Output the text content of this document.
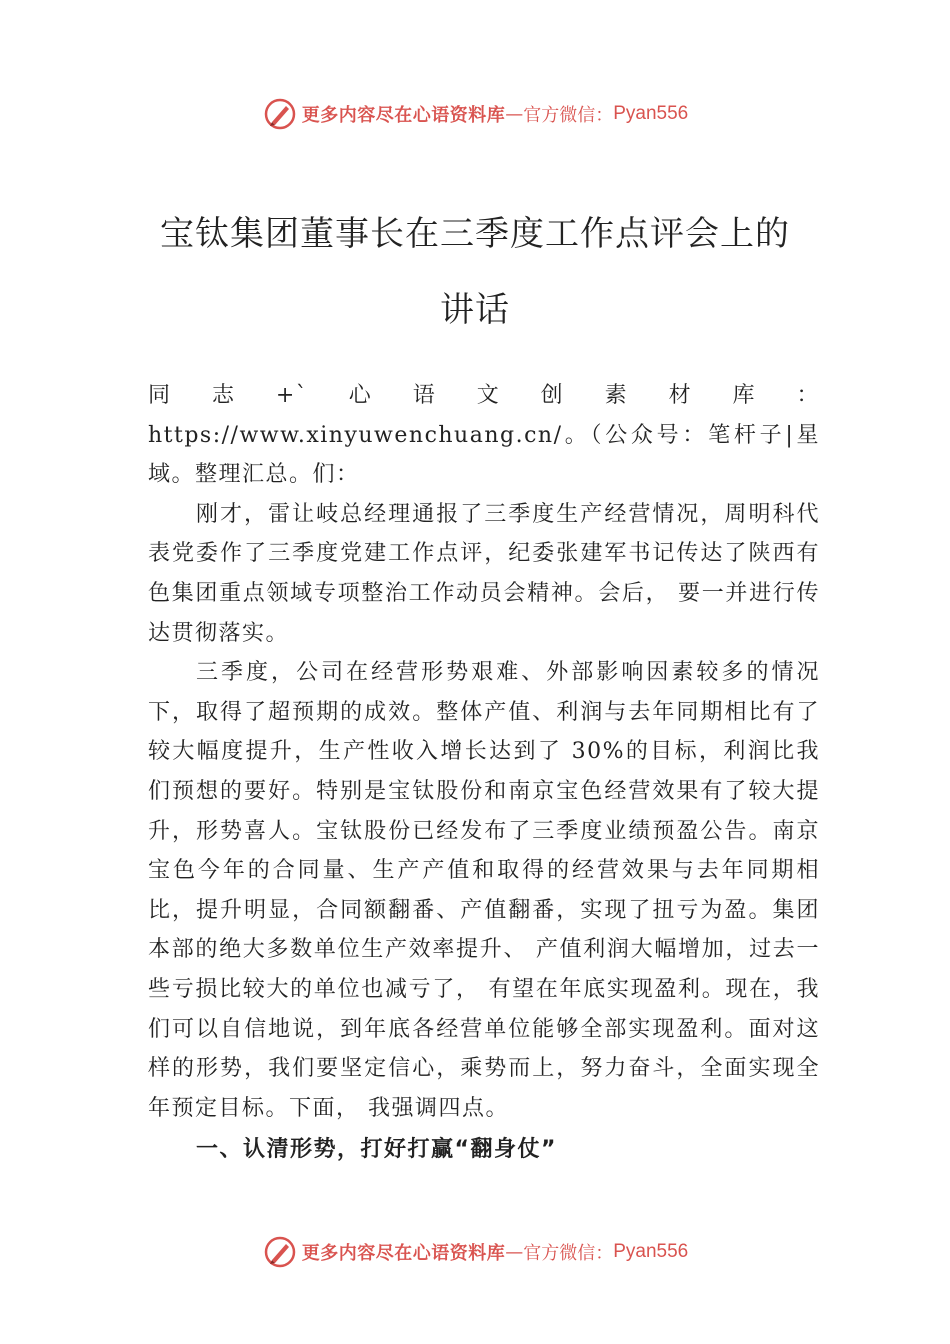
更多内容尽在心语资料库 — 官方微信： Pyan556
宝钛集团董事长在三季度工作点评会上的
讲话

同志+`心语文创素材库：https://www.xinyuwenchuang.cn/。（公众号：笔杆子|星域。整理汇总。们：

刚才，雷让岐总经理通报了三季度生产经营情况，周明科代表党委作了三季度党建工作点评，纪委张建军书记传达了陕西有色集团重点领域专项整治工作动员会精神。会后， 要一并进行传达贯彻落实。

三季度，公司在经营形势艰难、外部影响因素较多的情况下，取得了超预期的成效。整体产值、利润与去年同期相比有了较大幅度提升，生产性收入增长达到了 30%的目标，利润比我们预想的要好。特别是宝钛股份和南京宝色经营效果有了较大提升，形势喜人。宝钛股份已经发布了三季度业绩预盈公告。南京宝色今年的合同量、生产产值和取得的经营效果与去年同期相比，提升明显，合同额翻番、产值翻番，实现了扭亏为盈。集团本部的绝大多数单位生产效率提升、 产值利润大幅增加，过去一些亏损比较大的单位也减亏了， 有望在年底实现盈利。现在，我们可以自信地说，到年底各经营单位能够全部实现盈利。面对这样的形势，我们要坚定信心，乘势而上，努力奋斗，全面实现全年预定目标。下面， 我强调四点。

一、认清形势，打好打赢“翻身仗”

更多内容尽在心语资料库 — 官方微信： Pyan556
